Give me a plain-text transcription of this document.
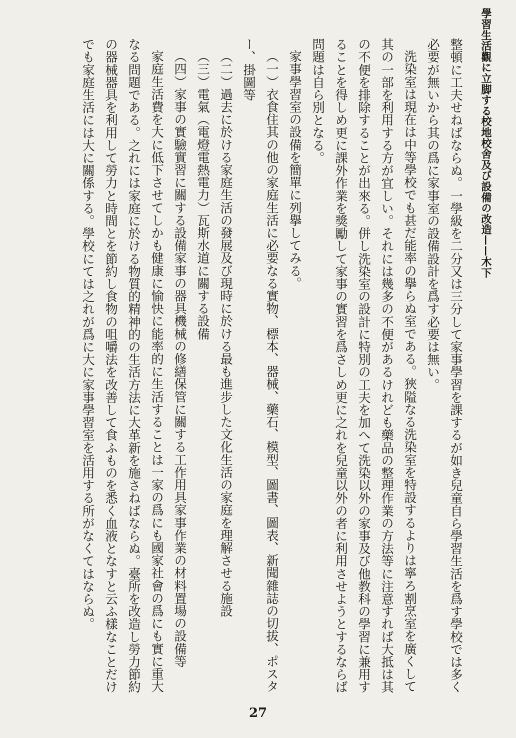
學習生活觀に立脚する校地校舍及び設備の改造——木下
整頓に工夫せねばならぬ。一學級を二分又は三分して家事學習を課するが如き兒童自ら學習生活を爲す學校では多く
必要が無いから其の爲に家事室の設備設計を爲す必要は無い。
洗染室は現在は中等學校でも甚だ能率の擧らぬ室である。狹隘なる洗染室を特設するよりは寧ろ割烹室を廣くして
其の一部を利用する方が宜しい。それには幾多の不便があるけれども藥品の整理作業の方法等に注意すれば大抵は其
の不便を排除することが出來る。併し洗染室の設計に特別の工夫を加へて洗染以外の家事及び他教科の學習に兼用す
ることを得しめ更に課外作業を獎勵して家事の實習を爲さしめ更に之れを兒童以外の者に利用させようとするならば
問題は自ら別となる。
家事學習室の設備を簡單に列擧してみる。
（一）衣食住其の他の家庭生活に必要なる實物、標本、器械、藥石、模型、圖書、圖表、新聞雜誌の切拔、ポスタ
ー、掛圖等
（二）過去に於ける家庭生活の發展及び現時に於ける最も進步した文化生活の家庭を理解させる施設
（三）電氣（電燈電熱電力）瓦斯水道に關する設備
（四）家事の實驗實習に關する設備家事の器具機械の修繕保管に關する工作用具家事作業の材料置場の設備等
家庭生活費を大に低下させてしかも健康に愉快に能率的に生活することは一家の爲にも國家社會の爲にも實に重大
なる問題である。之れには家庭に於ける物質的精神的の生活方法に大革新を施さねばならぬ。臺所を改造し勞力節約
の器械器具を利用して勞力と時間とを節約し食物の咀嚼法を改善して食ふものを悉く血液となすと云ふ樣なことだけ
でも家庭生活には大に關係する。學校にては之れが爲に大に家事學習室を活用する所がなくてはならぬ。
27
